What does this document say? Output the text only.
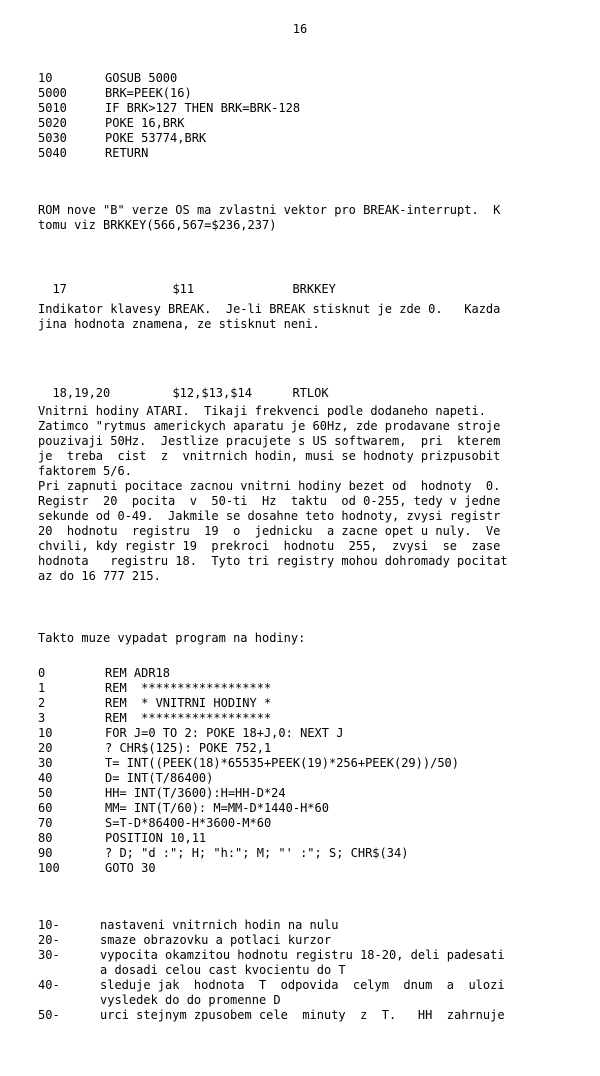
16
10	GOSUB 5000
5000	BRK=PEEK(16)
5010	IF BRK>127 THEN BRK=BRK-128
5020	POKE 16,BRK
5030	POKE 53774,BRK
5040	RETURN
ROM nove "B" verze OS ma zvlastni vektor pro BREAK-interrupt.  K
tomu viz BRKKEY(566,567=$236,237)

17	$11	BRKKEY

Indikator klavesy BREAK.  Je-li BREAK stisknut je zde 0.   Kazda
jina hodnota znamena, ze stisknut neni.

18,19,20	$12,$13,$14	RTLOK

Vnitrni hodiny ATARI.  Tikaji frekvenci podle dodaneho napeti.
Zatimco "rytmus americkych aparatu je 60Hz, zde prodavane stroje
pouzivaji 50Hz.  Jestlize pracujete s US softwarem,  pri  kterem
je  treba  cist  z  vnitrnich hodin, musi se hodnoty prizpusobit
faktorem 5/6.
Pri zapnuti pocitace zacnou vnitrni hodiny bezet od  hodnoty  0.
Registr  20  pocita  v  50-ti  Hz  taktu  od 0-255, tedy v jedne
sekunde od 0-49.  Jakmile se dosahne teto hodnoty, zvysi registr
20  hodnotu  registru  19  o  jednicku  a zacne opet u nuly.  Ve
chvili, kdy registr 19  prekroci  hodnotu  255,  zvysi  se  zase
hodnota   registru 18.  Tyto tri registry mohou dohromady pocitat
az do 16 777 215.
Takto muze vypadat program na hodiny:
0	REM ADR18
1	REM  ******************
2	REM  * VNITRNI HODINY *
3	REM  ******************
10	FOR J=0 TO 2: POKE 18+J,0: NEXT J
20	? CHR$(125): POKE 752,1
30	T= INT((PEEK(18)*65535+PEEK(19)*256+PEEK(29))/50)
40	D= INT(T/86400)
50	HH= INT(T/3600):H=HH-D*24
60	MM= INT(T/60): M=MM-D*1440-H*60
70	S=T-D*86400-H*3600-M*60
80	POSITION 10,11
90	? D; "d :"; H; "h:"; M; "' :"; S; CHR$(34)
100	GOTO 30
10-	nastaveni vnitrnich hodin na nulu
20-	smaze obrazovku a potlaci kurzor
30-	vypocita okamzitou hodnotu registru 18-20, deli padesati
a dosadi celou cast kvocientu do T
40-	sleduje jak  hodnota  T  odpovida  celym  dnum  a  ulozi
vysledek do do promenne D
50-	urci stejnym zpusobem cele  minuty  z  T.   HH  zahrnuje
